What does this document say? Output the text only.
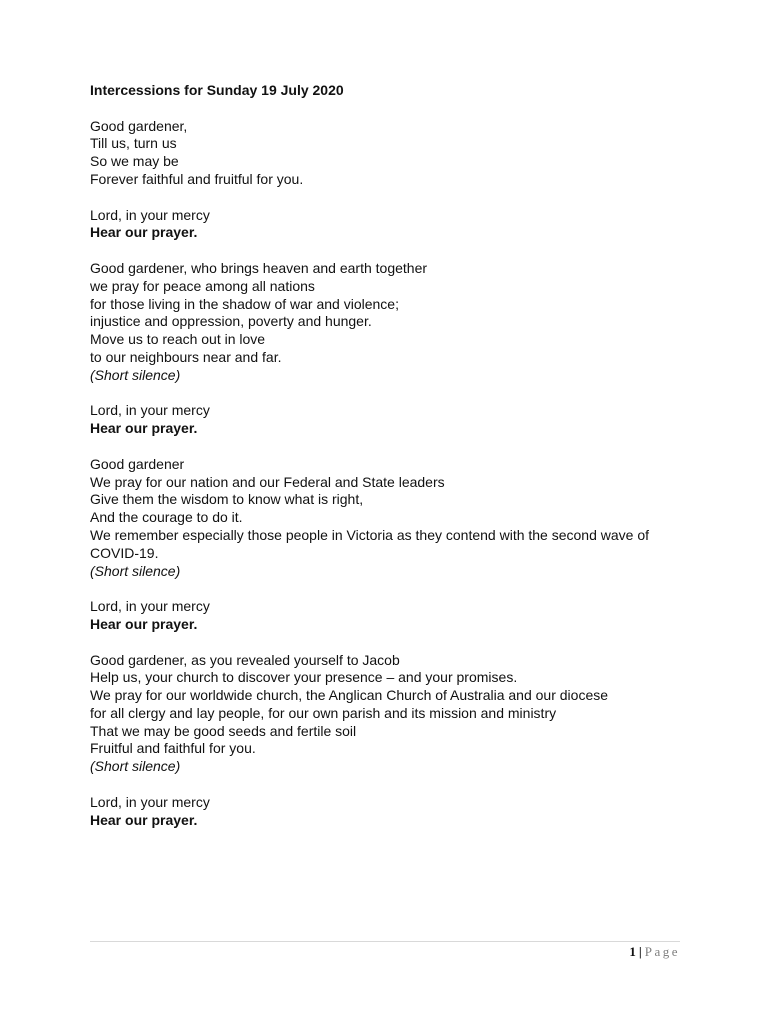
Intercessions for Sunday 19 July 2020
Good gardener,
Till us, turn us
So we may be
Forever faithful and fruitful for you.
Lord, in your mercy
Hear our prayer.
Good gardener, who brings heaven and earth together
we pray for peace among all nations
for those living in the shadow of war and violence;
injustice and oppression, poverty and hunger.
Move us to reach out in love
to our neighbours near and far.
(Short silence)
Lord, in your mercy
Hear our prayer.
Good gardener
We pray for our nation and our Federal and State leaders
Give them the wisdom to know what is right,
And the courage to do it.
We remember especially those people in Victoria as they contend with the second wave of COVID-19.
(Short silence)
Lord, in your mercy
Hear our prayer.
Good gardener, as you revealed yourself to Jacob
Help us, your church to discover your presence – and your promises.
We pray for our worldwide church, the Anglican Church of Australia and our diocese
for all clergy and lay people, for our own parish and its mission and ministry
That we may be good seeds and fertile soil
Fruitful and faithful for you.
(Short silence)
Lord, in your mercy
Hear our prayer.
1 | Page
